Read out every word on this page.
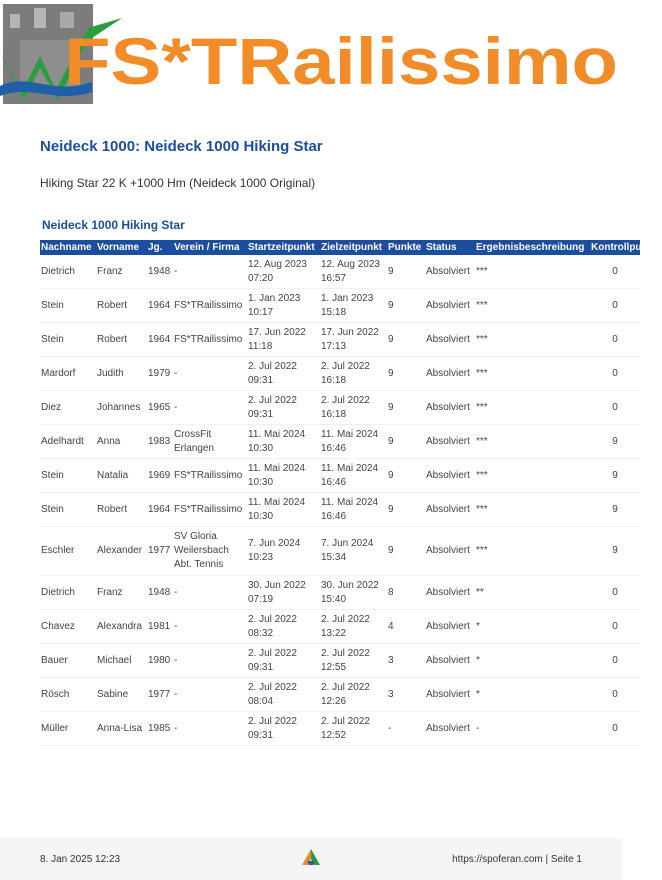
FS*TRailissimo
Neideck 1000: Neideck 1000 Hiking Star
Hiking Star 22 K +1000 Hm (Neideck 1000 Original)
Neideck 1000 Hiking Star
Nachname	Vorname	Jg.	Verein / Firma	Startzeitpunkt	Zielzeitpunkt	Punkte	Status	Ergebnisbeschreibung	Kontrollpunkte
Dietrich	Franz	1948	-	12. Aug 2023 07:20	12. Aug 2023 16:57	9	Absolviert	***	0
Stein	Robert	1964	FS*TRailissimo	1. Jan 2023 10:17	1. Jan 2023 15:18	9	Absolviert	***	0
Stein	Robert	1964	FS*TRailissimo	17. Jun 2022 11:18	17. Jun 2022 17:13	9	Absolviert	***	0
Mardorf	Judith	1979	-	2. Jul 2022 09:31	2. Jul 2022 16:18	9	Absolviert	***	0
Diez	Johannes	1965	-	2. Jul 2022 09:31	2. Jul 2022 16:18	9	Absolviert	***	0
Adelhardt	Anna	1983	CrossFit Erlangen	11. Mai 2024 10:30	11. Mai 2024 16:46	9	Absolviert	***	9
Stein	Natalia	1969	FS*TRailissimo	11. Mai 2024 10:30	11. Mai 2024 16:46	9	Absolviert	***	9
Stein	Robert	1964	FS*TRailissimo	11. Mai 2024 10:30	11. Mai 2024 16:46	9	Absolviert	***	9
Eschler	Alexander	1977	SV Gloria Weilersbach Abt. Tennis	7. Jun 2024 10:23	7. Jun 2024 15:34	9	Absolviert	***	9
Dietrich	Franz	1948	-	30. Jun 2022 07:19	30. Jun 2022 15:40	8	Absolviert	**	0
Chavez	Alexandra	1981	-	2. Jul 2022 08:32	2. Jul 2022 13:22	4	Absolviert	*	0
Bauer	Michael	1980	-	2. Jul 2022 09:31	2. Jul 2022 12:55	3	Absolviert	*	0
Rösch	Sabine	1977	-	2. Jul 2022 08:04	2. Jul 2022 12:26	3	Absolviert	*	0
Müller	Anna-Lisa	1985	-	2. Jul 2022 09:31	2. Jul 2022 12:52	-	Absolviert	-	0
8. Jan 2025 12:23	https://spoferan.com | Seite 1
